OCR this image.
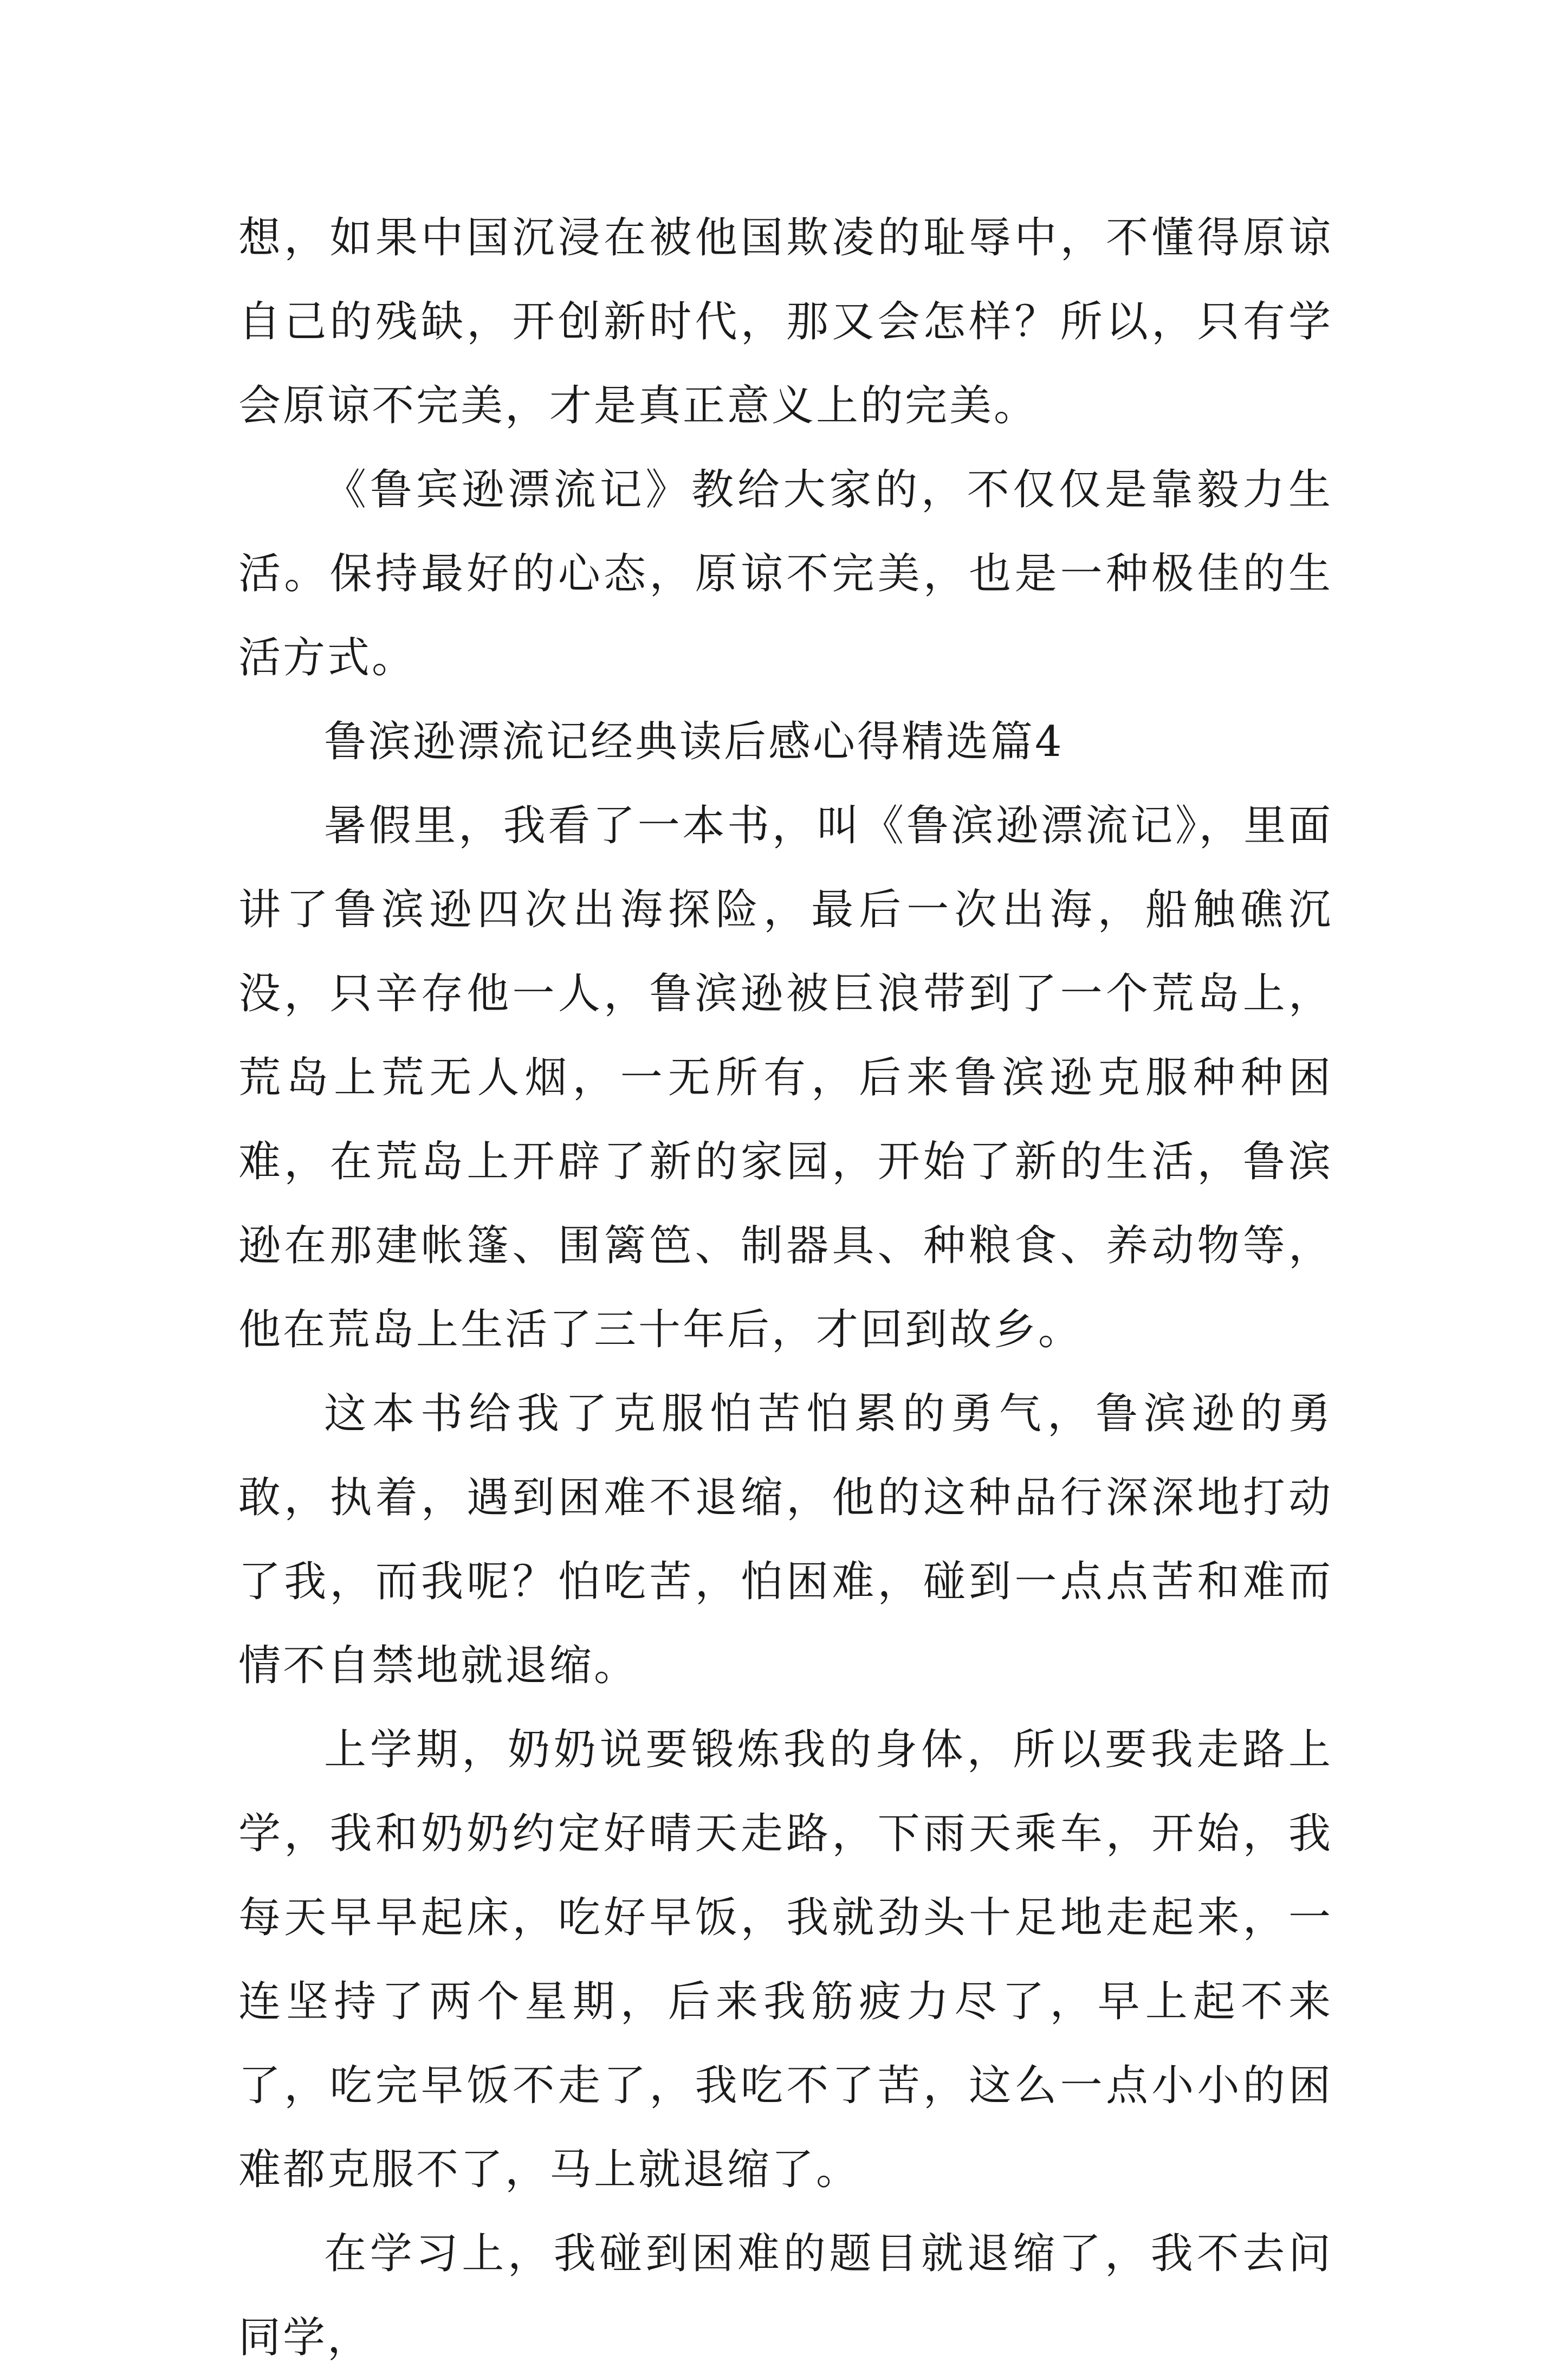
想，如果中国沉浸在被他国欺凌的耻辱中，不懂得原谅自己的残缺，开创新时代，那又会怎样？所以，只有学会原谅不完美，才是真正意义上的完美。

《鲁宾逊漂流记》教给大家的，不仅仅是靠毅力生活。保持最好的心态，原谅不完美，也是一种极佳的生活方式。

鲁滨逊漂流记经典读后感心得精选篇4

暑假里，我看了一本书，叫《鲁滨逊漂流记》，里面讲了鲁滨逊四次出海探险，最后一次出海，船触礁沉没，只辛存他一人，鲁滨逊被巨浪带到了一个荒岛上，荒岛上荒无人烟，一无所有，后来鲁滨逊克服种种困难，在荒岛上开辟了新的家园，开始了新的生活，鲁滨逊在那建帐篷、围篱笆、制器具、种粮食、养动物等，他在荒岛上生活了三十年后，才回到故乡。

这本书给我了克服怕苦怕累的勇气，鲁滨逊的勇敢，执着，遇到困难不退缩，他的这种品行深深地打动了我，而我呢？怕吃苦，怕困难，碰到一点点苦和难而情不自禁地就退缩。

上学期，奶奶说要锻炼我的身体，所以要我走路上学，我和奶奶约定好晴天走路，下雨天乘车，开始，我每天早早起床，吃好早饭，我就劲头十足地走起来，一连坚持了两个星期，后来我筋疲力尽了，早上起不来了，吃完早饭不走了，我吃不了苦，这么一点小小的困难都克服不了，马上就退缩了。

在学习上，我碰到困难的题目就退缩了，我不去问同学，
